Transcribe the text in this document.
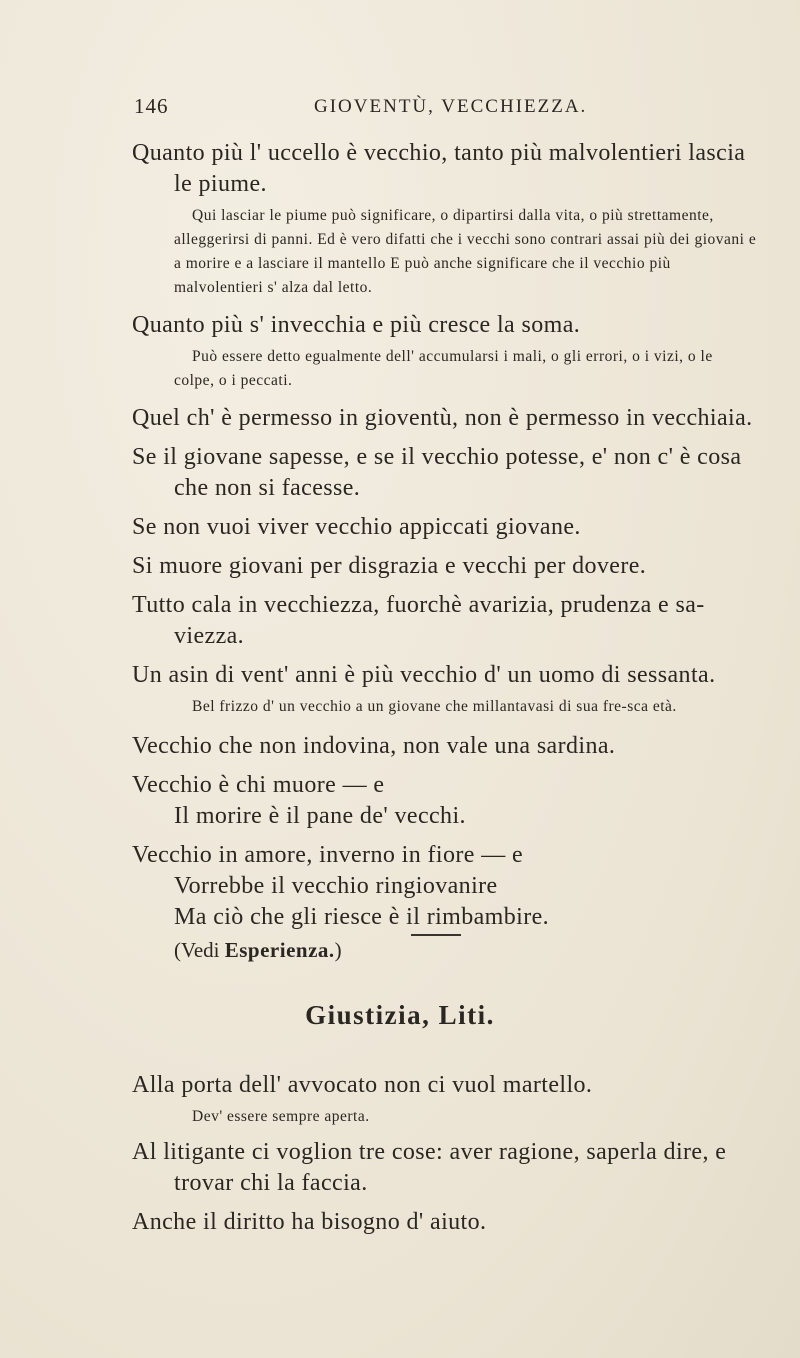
146	GIOVENTÙ, VECCHIEZZA.

Quanto più l' uccello è vecchio, tanto più malvolentieri lascia le piume.

Qui lasciar le piume può significare, o dipartirsi dalla vita, o più strettamente, alleggerirsi di panni. Ed è vero difatti che i vecchi sono contrari assai più dei giovani e a morire e a lasciare il mantello E può anche significare che il vecchio più malvolentieri s' alza dal letto.

Quanto più s' invecchia e più cresce la soma.

Può essere detto egualmente dell' accumularsi i mali, o gli errori, o i vizi, o le colpe, o i peccati.

Quel ch' è permesso in gioventù, non è permesso in vecchiaia.

Se il giovane sapesse, e se il vecchio potesse, e' non c' è cosa che non si facesse.

Se non vuoi viver vecchio appiccati giovane.

Si muore giovani per disgrazia e vecchi per dovere.

Tutto cala in vecchiezza, fuorchè avarizia, prudenza e sa-viezza.

Un asin di vent' anni è più vecchio d' un uomo di sessanta.

Bel frizzo d' un vecchio a un giovane che millantavasi di sua fre-sca età.

Vecchio che non indovina, non vale una sardina.

Vecchio è chi muore — e

Il morire è il pane de' vecchi.

Vecchio in amore, inverno in fiore — e

Vorrebbe il vecchio ringiovanire

Ma ciò che gli riesce è il rimbambire.

(Vedi Esperienza.)
Giustizia, Liti.

Alla porta dell' avvocato non ci vuol martello.

Dev' essere sempre aperta.

Al litigante ci voglion tre cose: aver ragione, saperla dire, e trovar chi la faccia.

Anche il diritto ha bisogno d' aiuto.
